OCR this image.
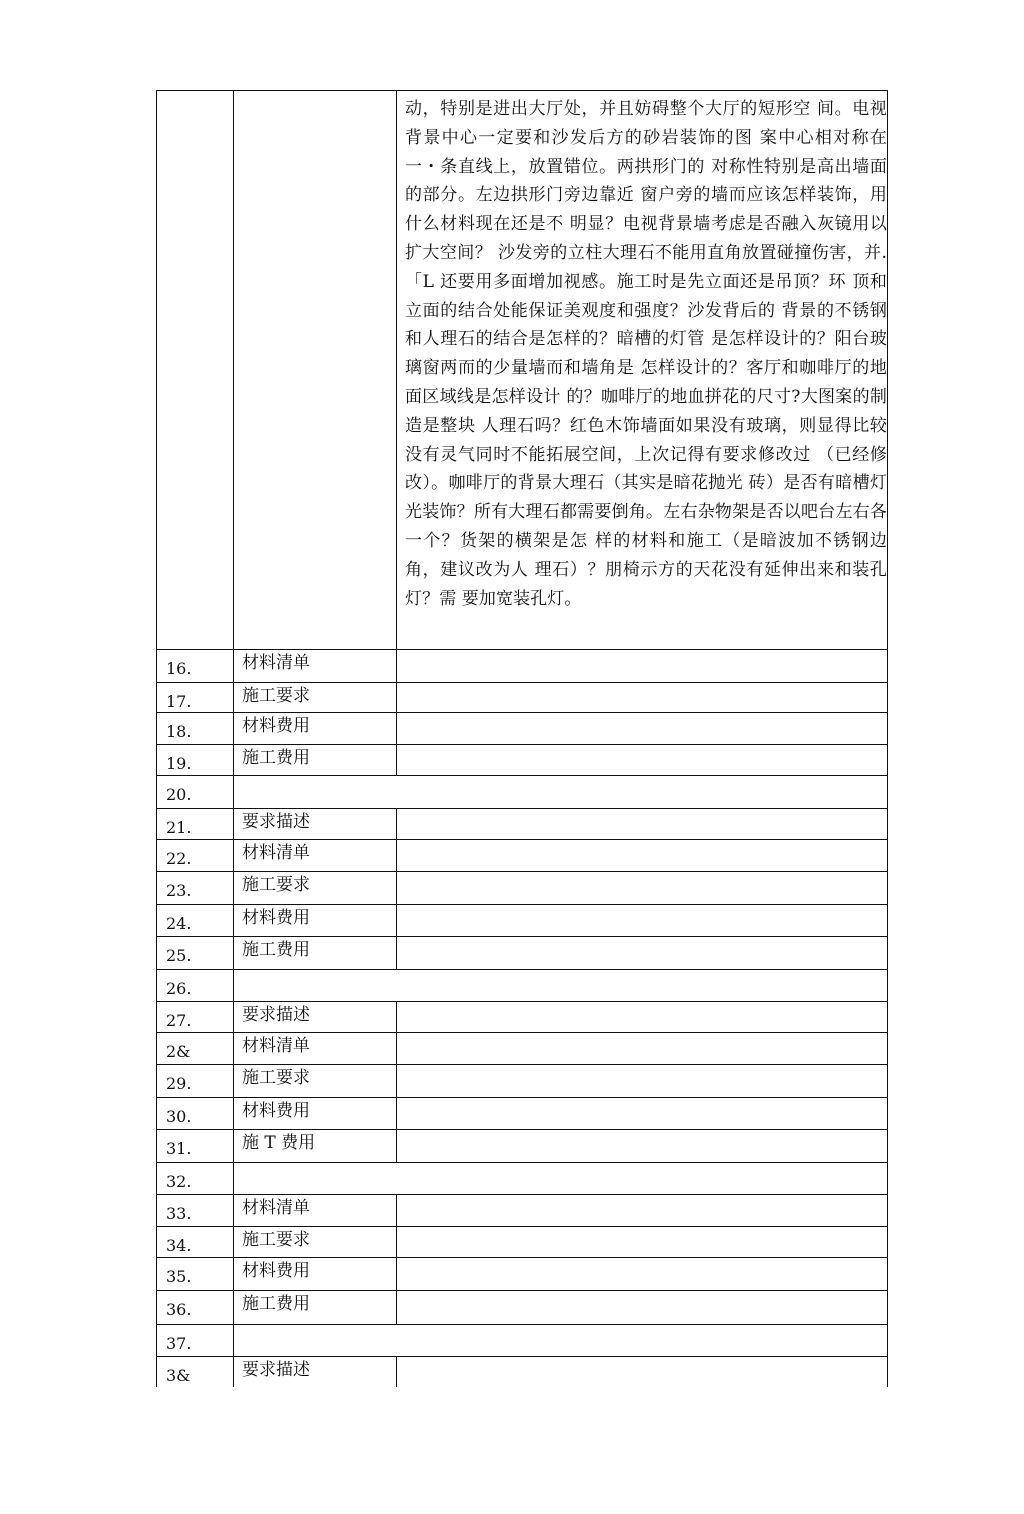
		动，特别是进出大厅处，并且妨碍整个大厅的短形空 间。电视背景中心一定要和沙发后方的砂岩装饰的图 案中心相对称在一・条直线上，放置错位。两拱形门的 对称性特别是高出墙面的部分。左边拱形门旁边靠近 窗户旁的墙而应该怎样装饰，用什么材料现在还是不 明显？电视背景墙考虑是否融入灰镜用以扩大空间？ 沙发旁的立柱大理石不能用直角放置碰撞伤害，并.「L 还要用多面增加视感。施工时是先立面还是吊顶？环 顶和立面的结合处能保证美观度和强度？沙发背后的 背景的不锈钢和人理石的结合是怎样的？暗槽的灯管 是怎样设计的？阳台玻璃窗两而的少量墙而和墙角是 怎样设计的？客厅和咖啡厅的地面区域线是怎样设计 的？咖啡厅的地血拼花的尺寸?大图案的制造是整块 人理石吗？红色木饰墙面如果没有玻璃，则显得比较 没有灵气同时不能拓展空间，上次记得有要求修改过 （已经修改）。咖啡厅的背景大理石（其实是暗花抛光 砖）是否有暗槽灯光装饰？所有大理石都需要倒角。左右杂物架是否以吧台左右各一个？货架的横架是怎 样的材料和施工（是暗波加不锈钢边角，建议改为人 理石）？朋椅示方的天花没有延伸出来和装孔灯？需 要加宽装孔灯。

16.	材料清单	

17.	施工要求	

18.	材料费用	

19.	施工费用	

20.		

21.	要求描述	

22.	材料清单	

23.	施工要求	

24.	材料费用	

25.	施工费用	

26.		

27.	要求描述	

2&	材料清单	

29.	施工要求	

30.	材料费用	

31.	施 T 费用	

32.		

33.	材料清单	

34.	施工要求	

35.	材料费用	

36.	施工费用	

37.		

3&	要求描述	
